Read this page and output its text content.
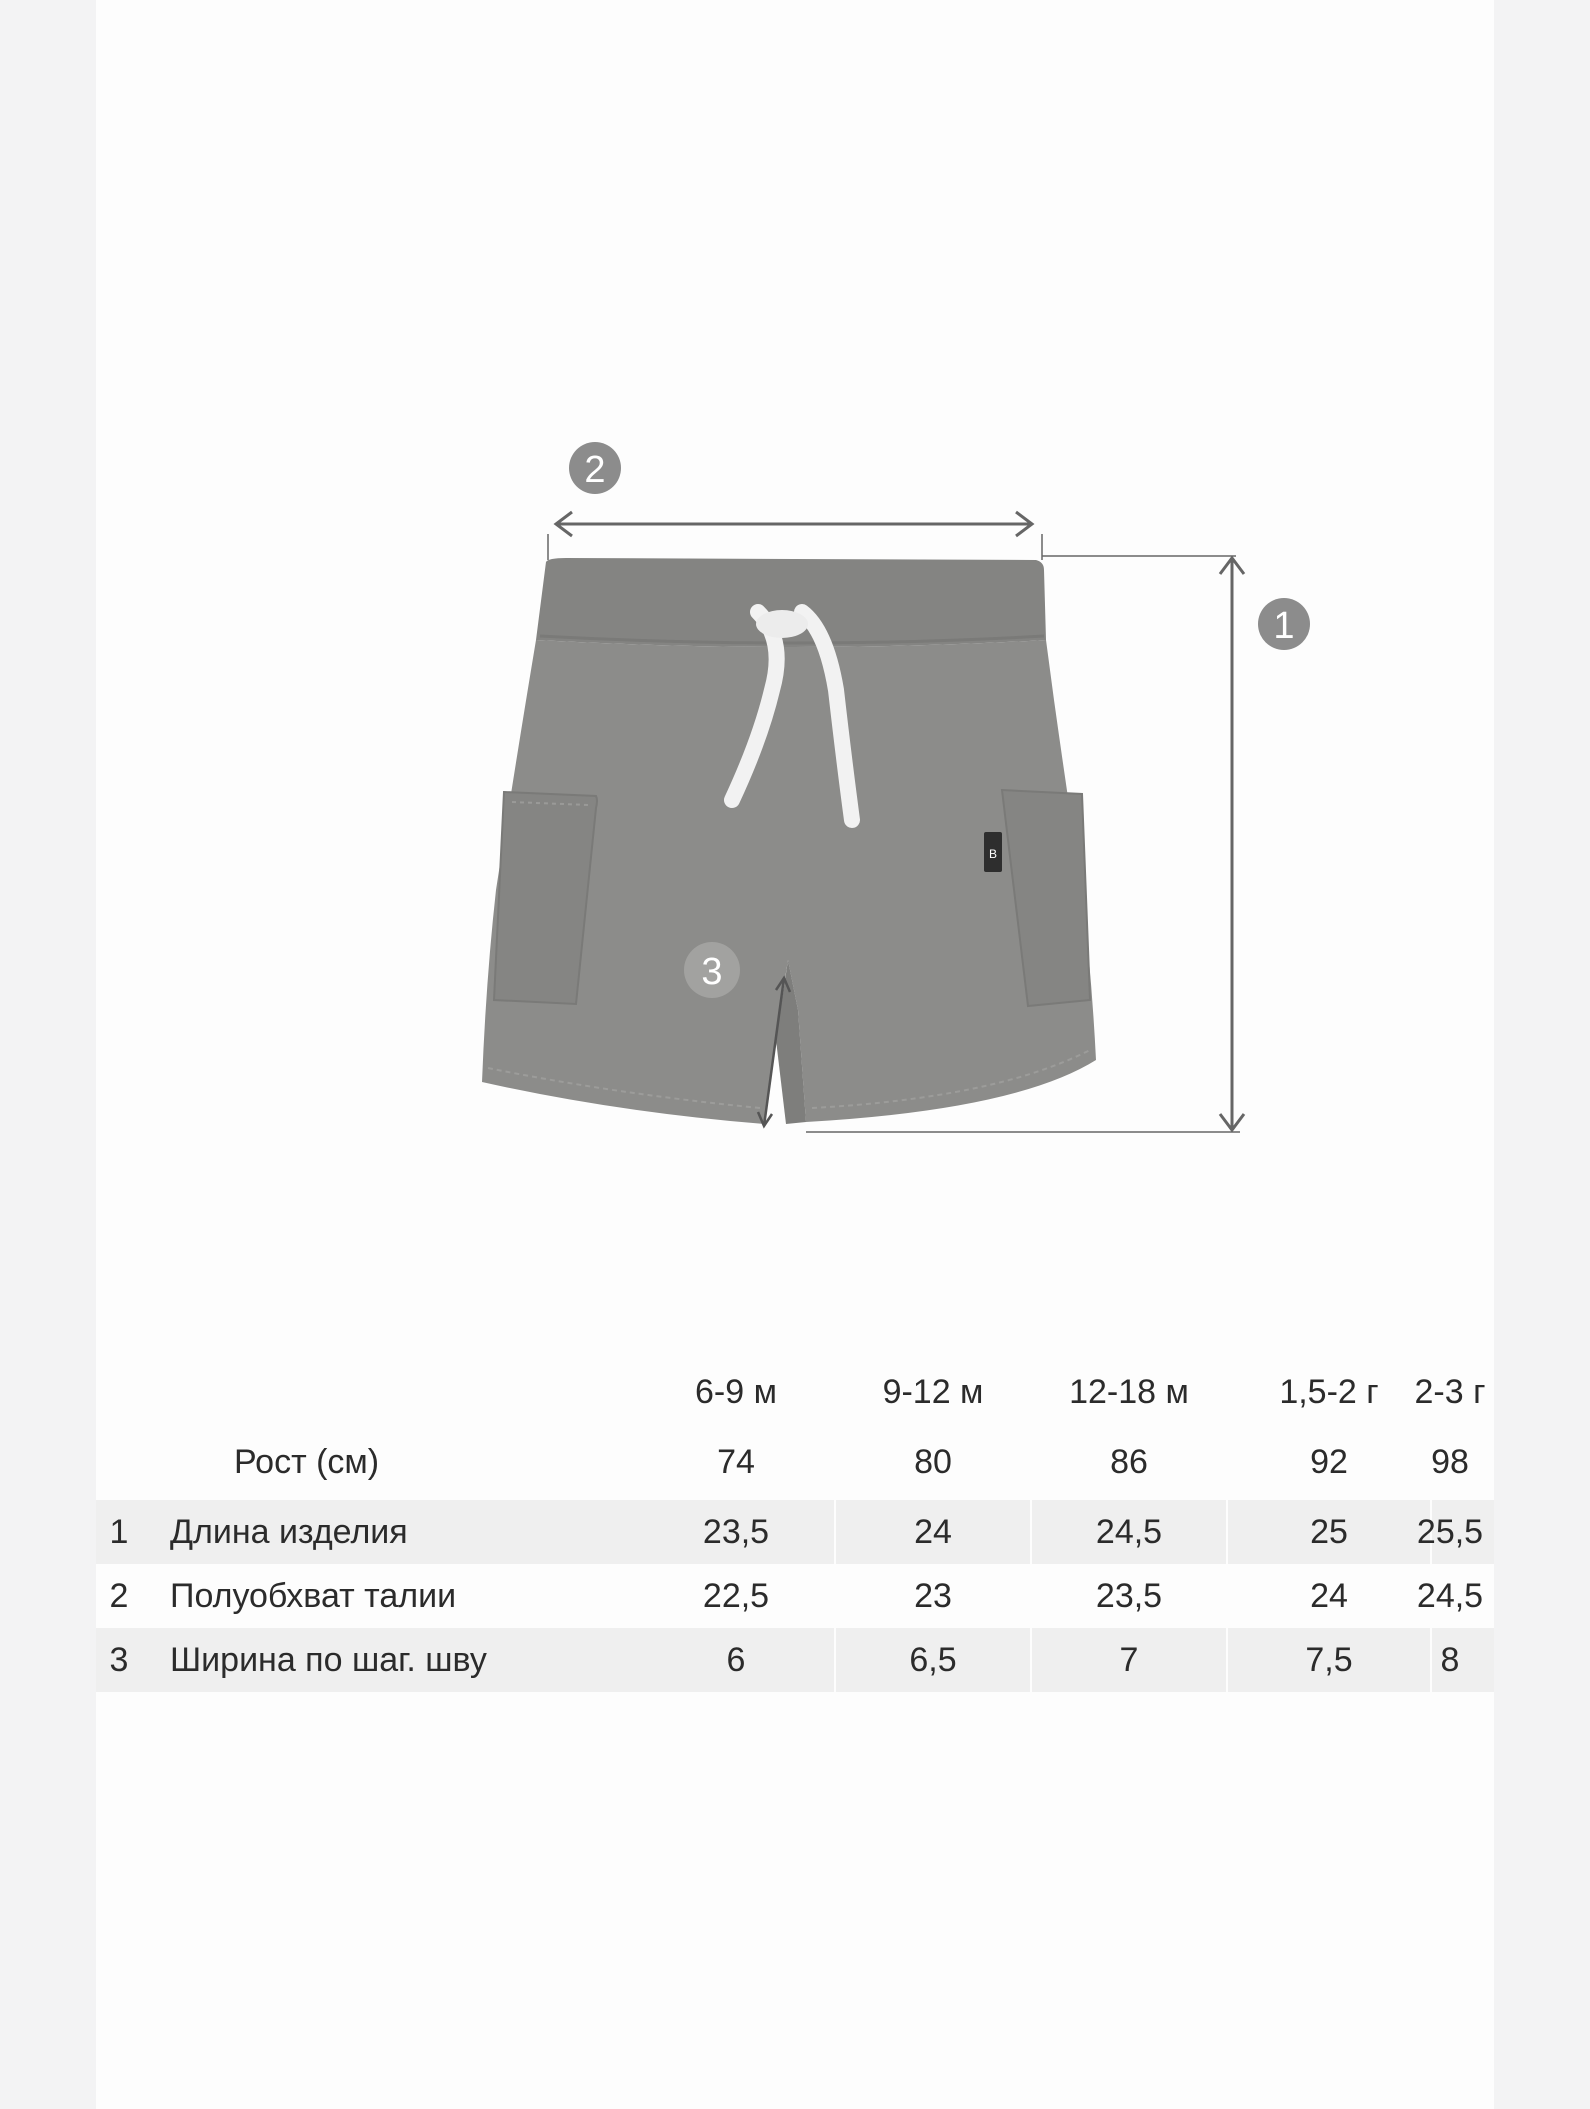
B
2
1
3
6-9 м	9-12 м	12-18 м	1,5-2 г	2-3 г
Рост (см)	74	80	86	92	98
1	Длина изделия	23,5	24	24,5	25	25,5
2	Полуобхват талии	22,5	23	23,5	24	24,5
3	Ширина по шаг. шву	6	6,5	7	7,5	8
